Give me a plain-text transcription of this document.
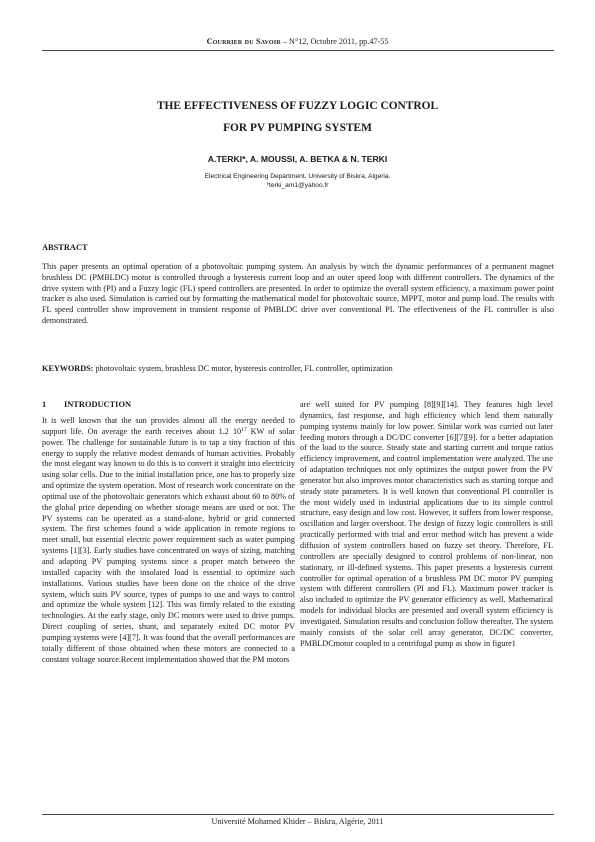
Courrier du Savoir – N°12, Octobre 2011, pp.47-55
THE EFFECTIVENESS OF FUZZY LOGIC CONTROL
FOR PV PUMPING SYSTEM
A.TERKI*, A. MOUSSI, A. BETKA & N. TERKI
Electrical Engineering Department, University of Biskra, Algeria.
*terki_am1@yahoo.fr
ABSTRACT
This paper presents an optimal operation of a photovoltaic pumping system. An analysis by witch the dynamic performances of a permanent magnet brushless DC (PMBLDC) motor is controlled through a hysteresis current loop and an outer speed loop with different controllers. The dynamics of the drive system with (PI) and a Fuzzy logic (FL) speed controllers are presented. In order to optimize the overall system efficiency, a maximum power point tracker is also used. Simulation is carried out by formatting the mathematical model for photovoltaic source, MPPT, motor and pump load. The results with FL speed controller show improvement in transient response of PMBLDC drive over conventional PI. The effectiveness of the FL controller is also demonstrated.
KEYWORDS: photovoltaic system, brushless DC motor, hysteresis controller, FL controller, optimization
1 INTRODUCTION
It is well known that the sun provides almost all the energy needed to support life. On average the earth receives about 1.2 $10^{17}$ KW of solar power. The challenge for sustainable future is to tap a tiny fraction of this energy to supply the relative modest demands of human activities. Probably the most elegant way known to do this is to convert it straight into electricity using solar cells. Due to the initial installation price, one has to properly size and optimize the system operation. Most of research work concentrate on the optimal use of the photovoltaic generators which exhaust about 60 to 80% of the global price depending on whether storage means are used or not. The PV systems can be operated as a stand-alone, hybrid or grid connected system. The first schemes found a wide application in remote regions to meet small, but essential electric power requirement such as water pumping systems [1][3]. Early studies have concentrated on ways of sizing, matching and adapting PV pumping systems since a proper match between the installed capacity with the insolated load is essential to optimize such installations. Various studies have been done on the choice of the drive system, which suits PV source, types of pumps to use and ways to control and optimize the whole system [12]. This was firmly related to the existing technologies. At the early stage, only DC motors were used to drive pumps. Direct coupling of series, shunt, and separately exited DC motor PV pumping systems were [4][7]. It was found that the overall performances are totally different of those obtained when these motors are connected to a constant voltage source.Recent implementation showed that the PM motors
are well suited for PV pumping [8][9][14]. They features high level dynamics, fast response, and high efficiency which lend them naturally pumping systems mainly for low power. Similar work was curried out later feeding motors through a DC/DC converter [6][7][9]. for a better adaptation of the load to the source. Steady state and starting current and torque ratios efficiency improvement, and control implementation were analyzed. The use of adaptation techniques not only optimizes the output power from the PV generator but also improves motor characteristics such as starting torque and steady state parameters. It is well known that conventional PI controller is the most widely used in industrial applications due to its simple control structure, easy design and low cost. However, it suffers from lower response, oscillation and larger overshoot. The design of fuzzy logic controllers is still practically performed with trial and error method witch has prevent a wide diffusion of system controllers based on fuzzy set theory. Therefore, FL controllers are specially designed to control problems of non-linear, non stationary, or ill-defined systems. This paper presents a hysteresis current controller for optimal operation of a brushless PM DC motor PV pumping system with different controllers (PI and FL). Maximum power tracker is also included to optimize the PV generator efficiency as well. Mathematical models for individual blocks are presented and overall system efficiency is investigated. Simulation results and conclusion follow thereafter. The system mainly consists of the solar cell array generator, DC/DC converter, PMBLDCmotor coupled to a centrifugal pump as show in figure1
Université Mohamed Khider – Biskra, Algérie, 2011
